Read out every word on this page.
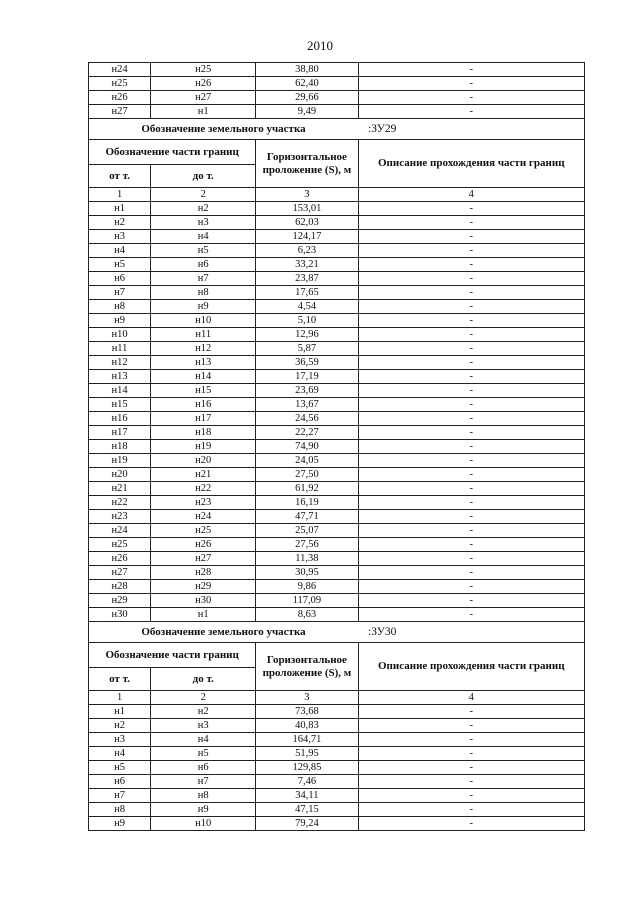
2010
н24	н25	38,80	-
н25	н26	62,40	-
н26	н27	29,66	-
н27	н1	9,49	-
Обозначение земельного участка			:ЗУ29
Обозначение части границ		Горизонтальное проложение (S), м	Описание прохождения части границ
от т.	до т.		
1	2	3	4
н1	н2	153,01	-
н2	н3	62,03	-
н3	н4	124,17	-
н4	н5	6,23	-
н5	н6	33,21	-
н6	н7	23,87	-
н7	н8	17,65	-
н8	н9	4,54	-
н9	н10	5,10	-
н10	н11	12,96	-
н11	н12	5,87	-
н12	н13	36,59	-
н13	н14	17,19	-
н14	н15	23,69	-
н15	н16	13,67	-
н16	н17	24,56	-
н17	н18	22,27	-
н18	н19	74,90	-
н19	н20	24,05	-
н20	н21	27,50	-
н21	н22	61,92	-
н22	н23	16,19	-
н23	н24	47,71	-
н24	н25	25,07	-
н25	н26	27,56	-
н26	н27	11,38	-
н27	н28	30,95	-
н28	н29	9,86	-
н29	н30	117,09	-
н30	н1	8,63	-
Обозначение земельного участка			:ЗУ30
Обозначение части границ		Горизонтальное проложение (S), м	Описание прохождения части границ
от т.	до т.		
1	2	3	4
н1	н2	73,68	-
н2	н3	40,83	-
н3	н4	164,71	-
н4	н5	51,95	-
н5	н6	129,85	-
н6	н7	7,46	-
н7	н8	34,11	-
н8	н9	47,15	-
н9	н10	79,24	-
